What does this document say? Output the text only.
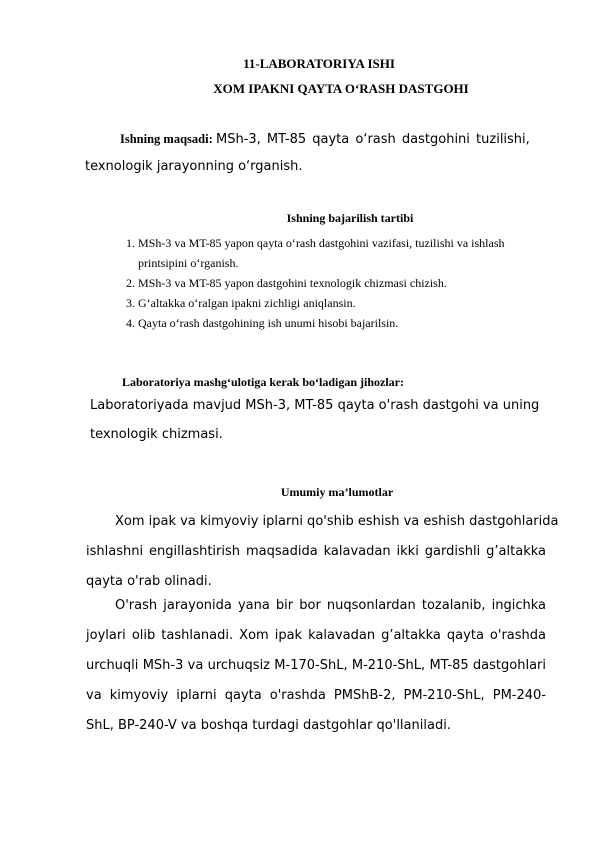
11-LABORATORIYA ISHI

XOM IPAKNI QAYTA O‘RASH DASTGOHI

Ishning maqsadi: MSh-3, MT-85 qayta o‘rash dastgohini tuzilishi,

texnologik jarayonning o‘rganish.

Ishning bajarilish tartibi

1. MSh-3 va MT-85 yapon qayta o‘rash dastgohini vazifasi, tuzilishi va ishlash
printsipini o‘rganish.
2. MSh-3 va MT-85 yapon dastgohini texnologik chizmasi chizish.
3. G‘altakka o‘ralgan ipakni zichligi aniqlansin.
4. Qayta o‘rash dastgohining ish unumi hisobi bajarilsin.

Laboratoriya mashg‘ulotiga kerak bo‘ladigan jihozlar:

Laboratoriyada mavjud MSh-3, MT-85 qayta o'rash dastgohi va uning

texnologik chizmasi.

Umumiy ma’lumotlar

Xom ipak va kimyoviy iplarni qo'shib eshish va eshish dastgohlarida
ishlashni engillashtirish maqsadida kalavadan ikki gardishli g’altakka
qayta o'rab olinadi.
O'rash jarayonida yana bir bor nuqsonlardan tozalanib, ingichka
joylari olib tashlanadi. Xom ipak kalavadan g’altakka qayta o'rashda
urchuqli MSh-3 va urchuqsiz M-170-ShL, M-210-ShL, MT-85 dastgohlari
va kimyoviy iplarni qayta o'rashda PMShB-2, PM-210-ShL, PM-240-
ShL, BP-240-V va boshqa turdagi dastgohlar qo'llaniladi.
